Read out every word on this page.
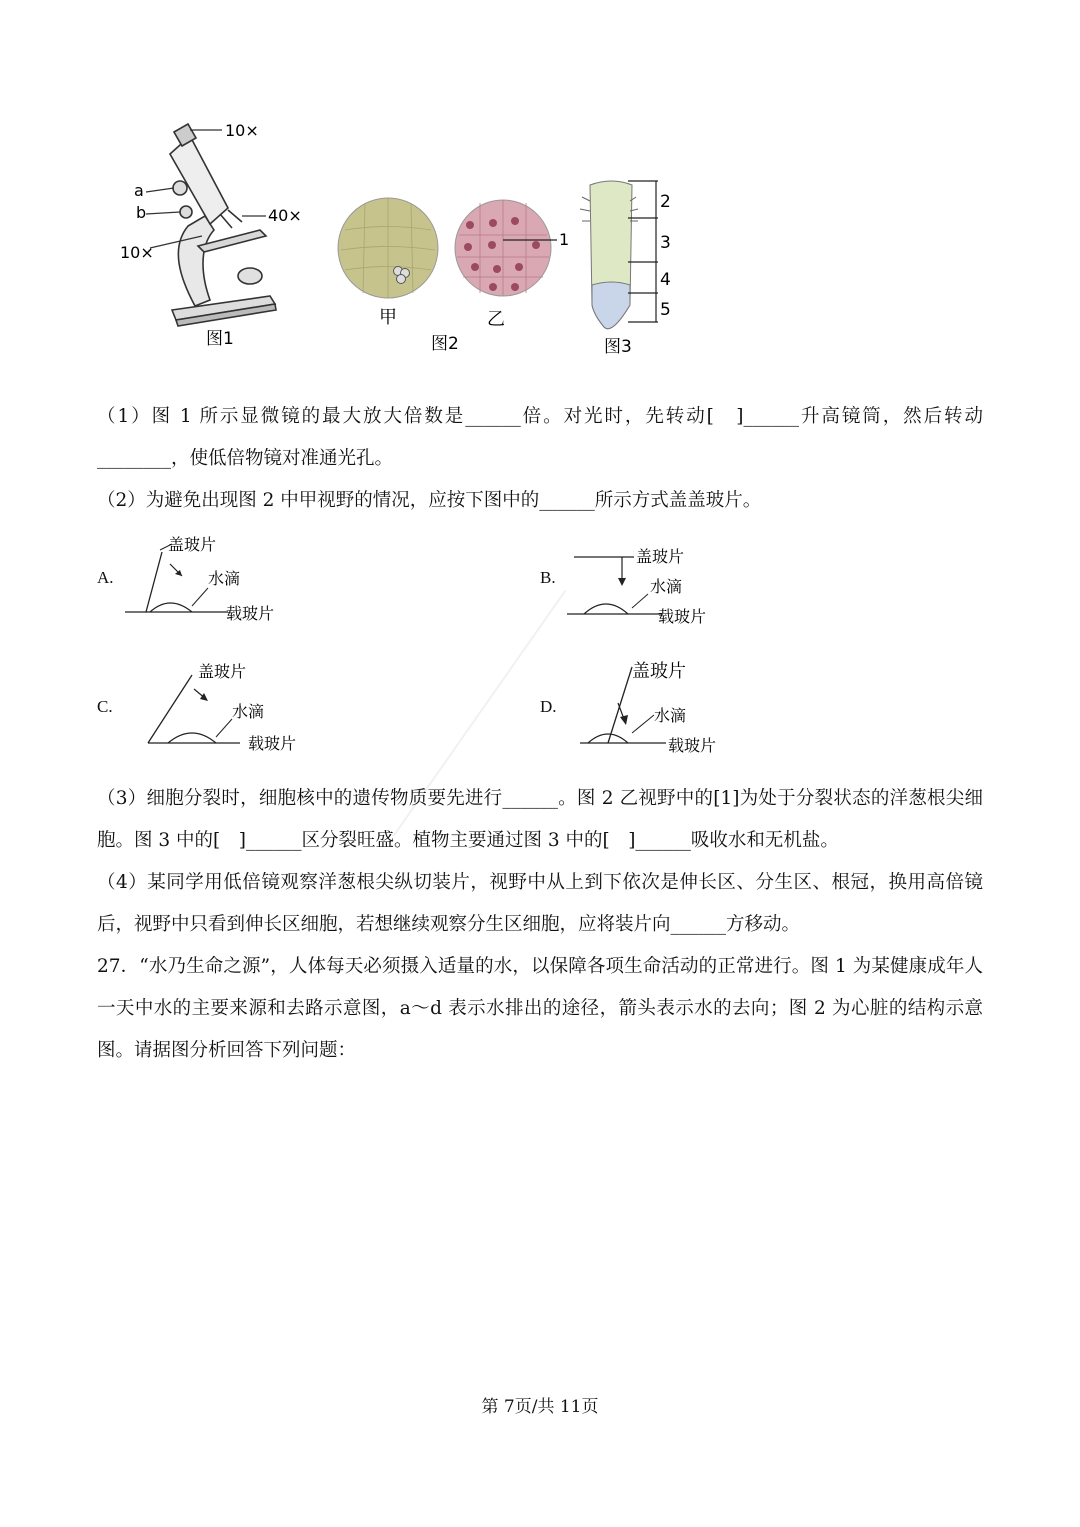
10×
a
b	40×
10×
图1
1
甲	乙
图2
2
3
4
5
图3
（1）图 1 所示显微镜的最大放大倍数是______倍。对光时，先转动[　]______升高镜筒，然后转动________，使低倍物镜对准通光孔。
（2）为避免出现图 2 中甲视野的情况，应按下图中的______所示方式盖盖玻片。
A.
盖玻片
水滴
载玻片
B.
盖玻片
水滴
载玻片
C.
盖玻片
水滴
载玻片
D.
盖玻片
水滴
载玻片
（3）细胞分裂时，细胞核中的遗传物质要先进行______。图 2 乙视野中的[1]为处于分裂状态的洋葱根尖细胞。图 3 中的[　]______区分裂旺盛。植物主要通过图 3 中的[　]______吸收水和无机盐。
（4）某同学用低倍镜观察洋葱根尖纵切装片，视野中从上到下依次是伸长区、分生区、根冠，换用高倍镜后，视野中只看到伸长区细胞，若想继续观察分生区细胞，应将装片向______方移动。
27．“水乃生命之源”，人体每天必须摄入适量的水，以保障各项生命活动的正常进行。图 1 为某健康成年人一天中水的主要来源和去路示意图，a～d 表示水排出的途径，箭头表示水的去向；图 2 为心脏的结构示意图。请据图分析回答下列问题：
第 7页/共 11页
